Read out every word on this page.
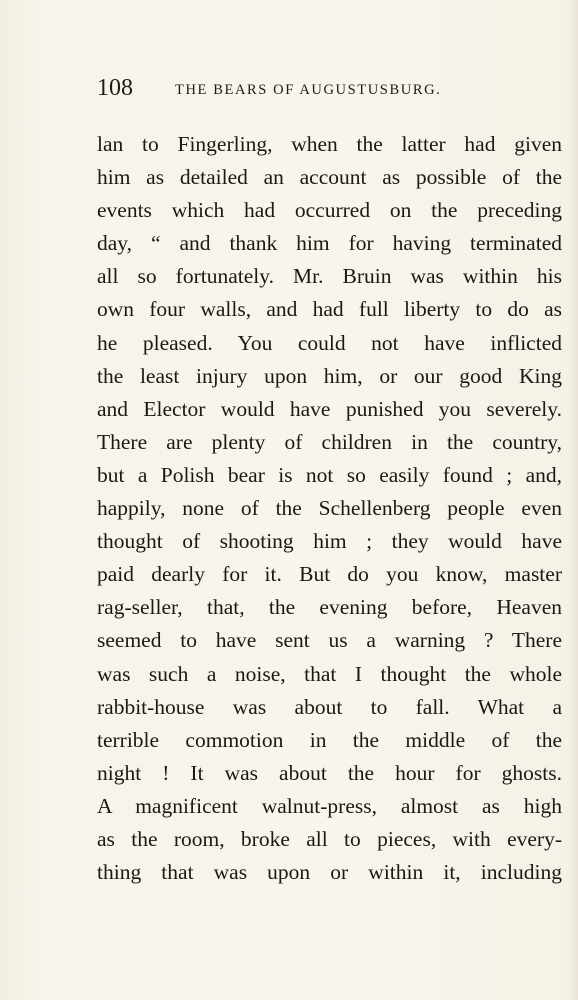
108	THE BEARS OF AUGUSTUSBURG.
lan to Fingerling, when the latter had given
him as detailed an account as possible of the
events which had occurred on the preceding
day, “ and thank him for having terminated
all so fortunately. Mr. Bruin was within his
own four walls, and had full liberty to do as
he pleased. You could not have inflicted
the least injury upon him, or our good King
and Elector would have punished you severely.
There are plenty of children in the country,
but a Polish bear is not so easily found ; and,
happily, none of the Schellenberg people even
thought of shooting him ; they would have
paid dearly for it. But do you know, master
rag-seller, that, the evening before, Heaven
seemed to have sent us a warning ? There
was such a noise, that I thought the whole
rabbit-house was about to fall. What a
terrible commotion in the middle of the
night ! It was about the hour for ghosts.
A magnificent walnut-press, almost as high
as the room, broke all to pieces, with every-
thing that was upon or within it, including
